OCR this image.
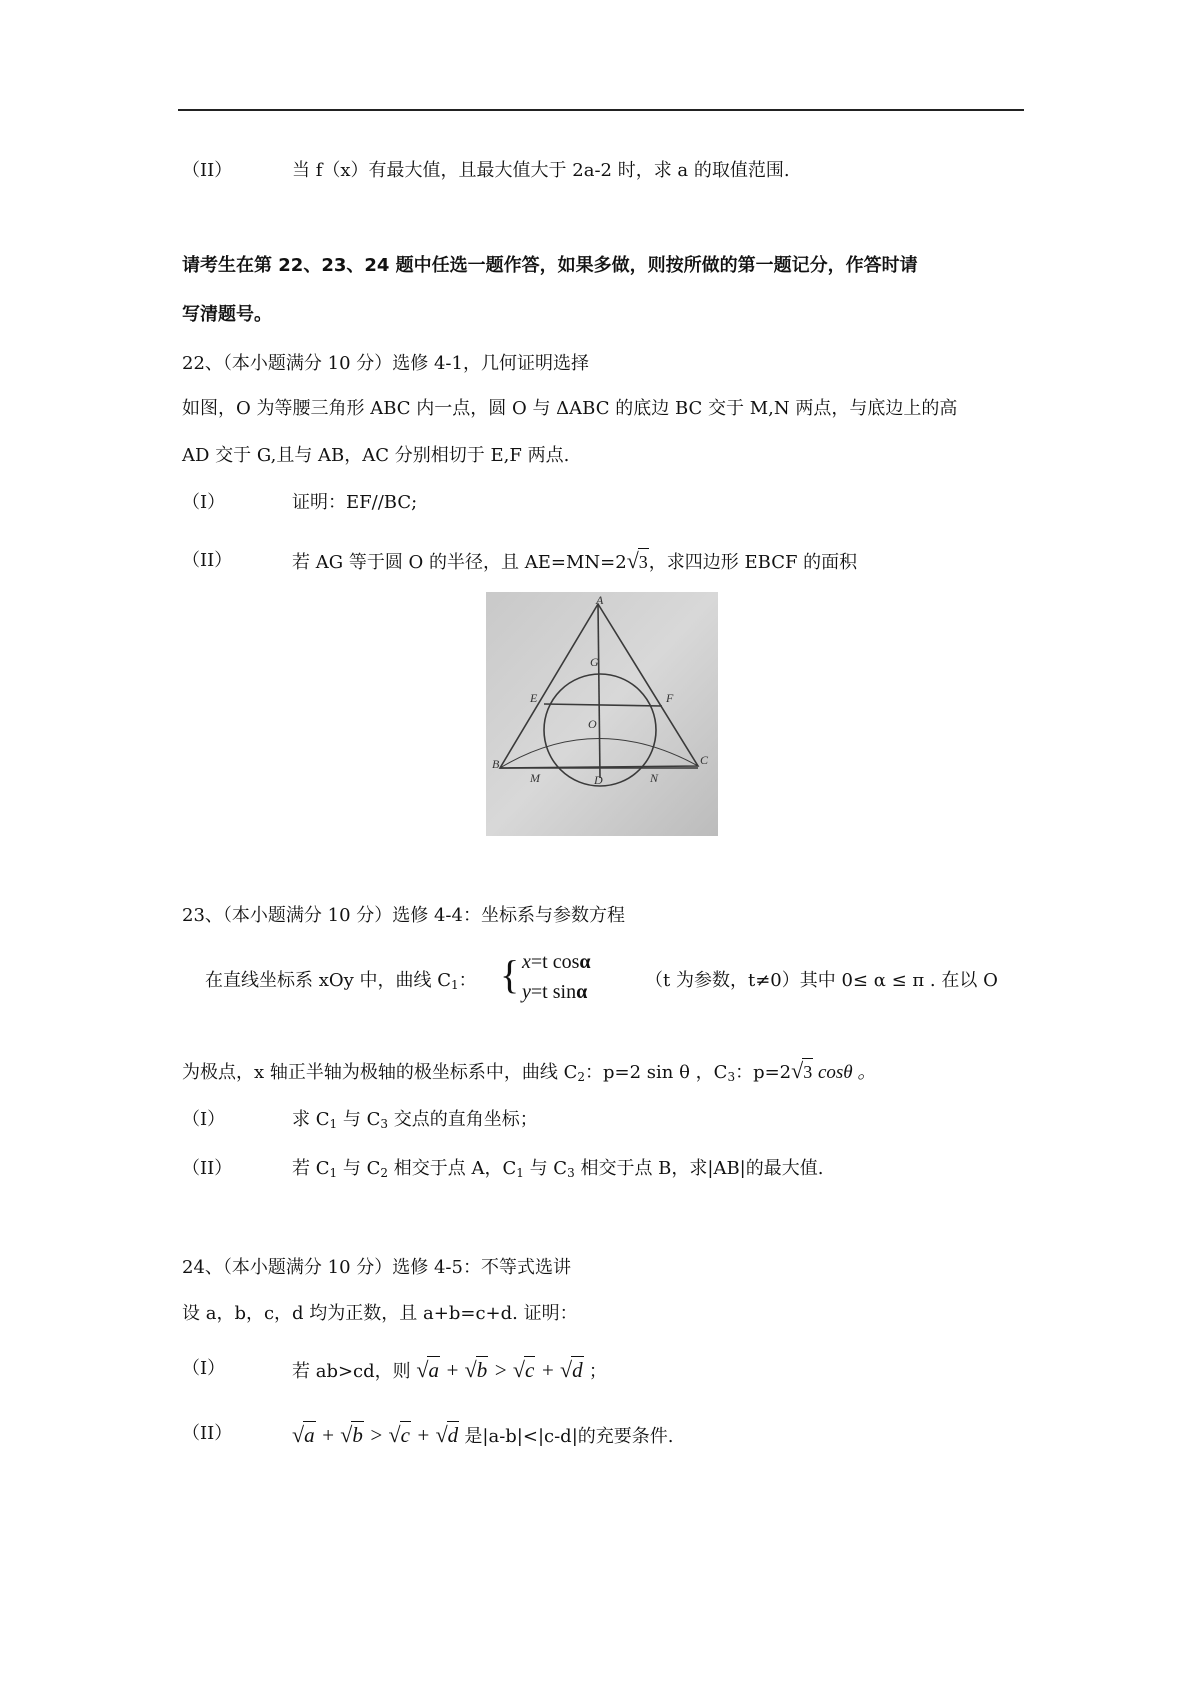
（II）	当 f（x）有最大值，且最大值大于 2a-2 时，求 a 的取值范围.
请考生在第 22、23、24 题中任选一题作答，如果多做，则按所做的第一题记分，作答时请
写清题号。
22、（本小题满分 10 分）选修 4-1，几何证明选择
如图，O 为等腰三角形 ABC 内一点，圆 O 与 ΔABC 的底边 BC 交于 M,N 两点，与底边上的高
AD 交于 G,且与 AB，AC 分别相切于 E,F 两点.
（I）	证明：EF//BC;
（II）	若 AG 等于圆 O 的半径，且 AE=MN=2√3，求四边形 EBCF 的面积
A
G
E	F
O
B	C
M	D	N
23、（本小题满分 10 分）选修 4-4：坐标系与参数方程
{ x=t cosα
y=t sinα
在直线坐标系 xOy 中，曲线 $C_1$：	（t 为参数，t≠0）其中 0≤ α ≤ π . 在以 O
为极点，x 轴正半轴为极轴的极坐标系中，曲线 $C_2$：p=2 sin θ ，$C_3$：p=2√3 cosθ 。
（I）	求 $C_1$ 与 $C_3$ 交点的直角坐标；
（II）	若 $C_1$ 与 $C_2$ 相交于点 A，$C_1$ 与 $C_3$ 相交于点 B，求|AB|的最大值.
24、（本小题满分 10 分）选修 4-5：不等式选讲
设 a，b，c，d 均为正数，且 a+b=c+d. 证明：
（I）	若 ab>cd，则 √a + √b > √c + √d ；
（II）	√a + √b > √c + √d 是|a-b|<|c-d|的充要条件.
